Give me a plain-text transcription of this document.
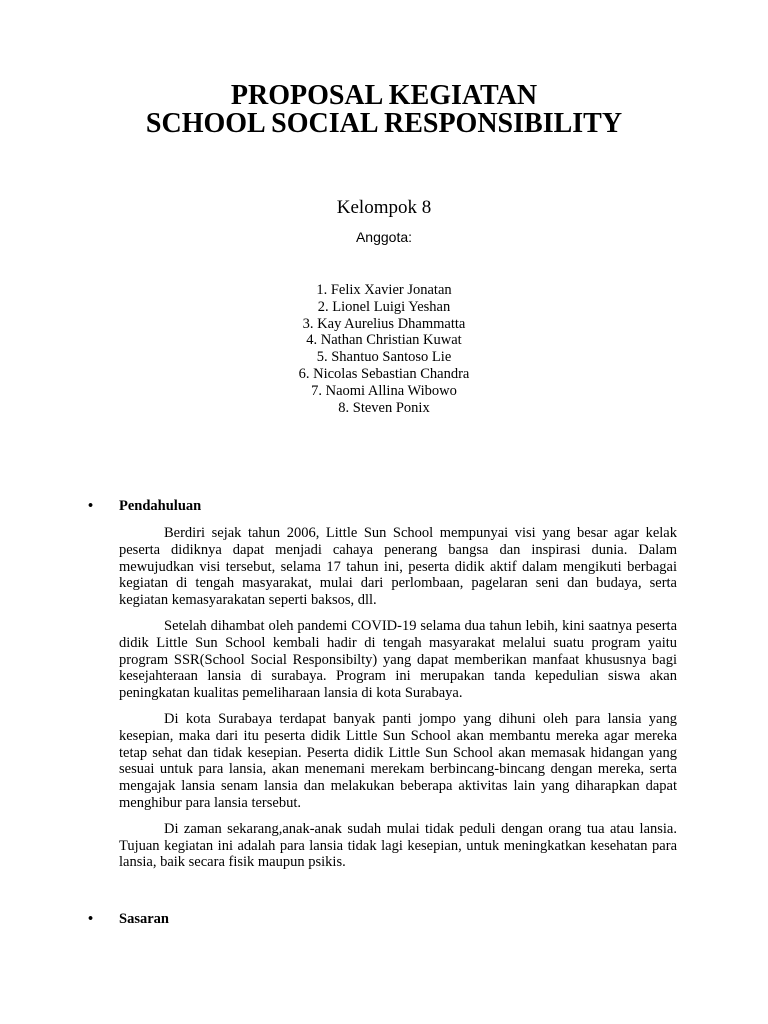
PROPOSAL KEGIATAN
SCHOOL SOCIAL RESPONSIBILITY
Kelompok 8
Anggota:
1. Felix Xavier Jonatan
2. Lionel Luigi Yeshan
3. Kay Aurelius Dhammatta
4. Nathan Christian Kuwat
5. Shantuo Santoso Lie
6. Nicolas Sebastian Chandra
7. Naomi Allina Wibowo
8. Steven Ponix
•	Pendahuluan

Berdiri sejak tahun 2006, Little Sun School mempunyai visi yang besar agar kelak peserta didiknya dapat menjadi cahaya penerang bangsa dan inspirasi dunia. Dalam mewujudkan visi tersebut, selama 17 tahun ini, peserta didik aktif dalam mengikuti berbagai kegiatan di tengah masyarakat, mulai dari perlombaan, pagelaran seni dan budaya, serta kegiatan kemasyarakatan seperti baksos, dll.

Setelah dihambat oleh pandemi COVID-19 selama dua tahun lebih, kini saatnya peserta didik Little Sun School kembali hadir di tengah masyarakat melalui suatu program yaitu program SSR(School Social Responsibilty) yang dapat memberikan manfaat khususnya bagi kesejahteraan lansia di surabaya. Program ini merupakan tanda kepedulian siswa akan peningkatan kualitas pemeliharaan lansia di kota Surabaya.

Di kota Surabaya terdapat banyak panti jompo yang dihuni oleh para lansia yang kesepian, maka dari itu peserta didik Little Sun School akan membantu mereka agar mereka tetap sehat dan tidak kesepian. Peserta didik Little Sun School akan memasak hidangan yang sesuai untuk para lansia, akan menemani merekam berbincang-bincang dengan mereka, serta mengajak lansia senam lansia dan melakukan beberapa aktivitas lain yang diharapkan dapat menghibur para lansia tersebut.

Di zaman sekarang,anak-anak sudah mulai tidak peduli dengan orang tua atau lansia. Tujuan kegiatan ini adalah para lansia tidak lagi kesepian, untuk meningkatkan kesehatan para lansia, baik secara fisik maupun psikis.

•	Sasaran
